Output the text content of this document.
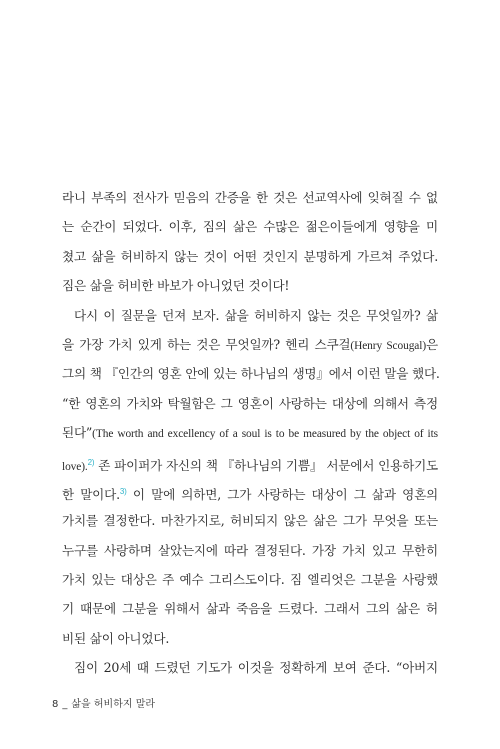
라니 부족의 전사가 믿음의 간증을 한 것은 선교역사에 잊혀질 수 없
는 순간이 되었다. 이후, 짐의 삶은 수많은 젊은이들에게 영향을 미
쳤고 삶을 허비하지 않는 것이 어떤 것인지 분명하게 가르쳐 주었다.
짐은 삶을 허비한 바보가 아니었던 것이다!
다시 이 질문을 던져 보자. 삶을 허비하지 않는 것은 무엇일까? 삶
을 가장 가치 있게 하는 것은 무엇일까? 헨리 스쿠걸(Henry Scougal)은
그의 책 『인간의 영혼 안에 있는 하나님의 생명』에서 이런 말을 했다.
“한 영혼의 가치와 탁월함은 그 영혼이 사랑하는 대상에 의해서 측정
된다”(The worth and excellency of a soul is to be measured by the object of its
love).$^{2)}$ 존 파이퍼가 자신의 책 『하나님의 기쁨』 서문에서 인용하기도
한 말이다.$^{3)}$ 이 말에 의하면, 그가 사랑하는 대상이 그 삶과 영혼의
가치를 결정한다. 마찬가지로, 허비되지 않은 삶은 그가 무엇을 또는
누구를 사랑하며 살았는지에 따라 결정된다. 가장 가치 있고 무한히
가치 있는 대상은 주 예수 그리스도이다. 짐 엘리엇은 그분을 사랑했
기 때문에 그분을 위해서 삶과 죽음을 드렸다. 그래서 그의 삶은 허
비된 삶이 아니었다.
짐이 20세 때 드렸던 기도가 이것을 정확하게 보여 준다. “아버지
8 _ 삶을 허비하지 말라
